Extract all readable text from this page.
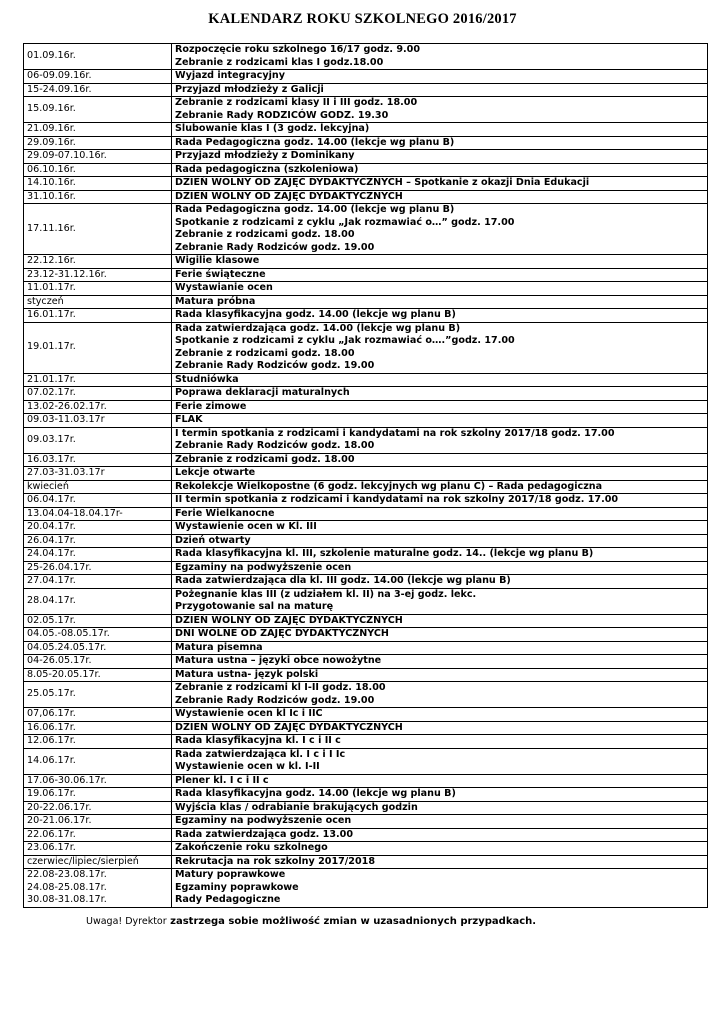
KALENDARZ ROKU SZKOLNEGO 2016/2017
01.09.16r.	Rozpoczęcie roku szkolnego 16/17 godz. 9.00
Zebranie z rodzicami klas I godz.18.00

06-09.09.16r.	Wyjazd integracyjny

15-24.09.16r.	Przyjazd młodzieży z Galicji

15.09.16r.	Zebranie z rodzicami klasy II i III godz. 18.00
Zebranie Rady RODZICÓW GODZ. 19.30

21.09.16r.	Ślubowanie klas I (3 godz. lekcyjna)

29.09.16r.	Rada Pedagogiczna godz. 14.00 (lekcje wg planu B)

29.09-07.10.16r.	Przyjazd młodzieży z Dominikany

06.10.16r.	Rada pedagogiczna (szkoleniowa)

14.10.16r.	DZIEŃ WOLNY OD ZAJĘĆ DYDAKTYCZNYCH – Spotkanie z okazji Dnia Edukacji

31.10.16r.	DZIEŃ WOLNY OD ZAJĘĆ DYDAKTYCZNYCH

17.11.16r.	Rada Pedagogiczna godz. 14.00 (lekcje wg planu B)
Spotkanie z rodzicami z cyklu „Jak rozmawiać o…” godz. 17.00
Zebranie z rodzicami godz. 18.00
Zebranie Rady Rodziców godz. 19.00

22.12.16r.	Wigilie klasowe

23.12-31.12.16r.	Ferie świąteczne

11.01.17r.	Wystawianie ocen

styczeń	Matura próbna

16.01.17r.	Rada klasyfikacyjna godz. 14.00 (lekcje wg planu B)

19.01.17r.	Rada zatwierdzająca godz. 14.00 (lekcje wg planu B)
Spotkanie z rodzicami z cyklu „Jak rozmawiać o….”godz. 17.00
Zebranie z rodzicami godz. 18.00
Zebranie Rady Rodziców godz. 19.00

21.01.17r.	Studniówka

07.02.17r.	Poprawa deklaracji maturalnych

13.02-26.02.17r.	Ferie zimowe

09.03-11.03.17r	FLAK

09.03.17r.	I termin spotkania z rodzicami i kandydatami na rok szkolny 2017/18 godz. 17.00
Zebranie Rady Rodziców godz. 18.00

16.03.17r.	Zebranie z rodzicami godz. 18.00

27.03-31.03.17r	Lekcje otwarte

kwiecień	Rekolekcje Wielkopostne (6 godz. lekcyjnych wg planu Ć) – Rada pedagogiczna

06.04.17r.	II termin spotkania z rodzicami i kandydatami na rok szkolny 2017/18 godz. 17.00

13.04.04-18.04.17r-	Ferie Wielkanocne

20.04.17r.	Wystawienie ocen w Kl. III

26.04.17r.	Dzień otwarty

24.04.17r.	Rada klasyfikacyjna kl. III, szkolenie maturalne godz. 14.. (lekcje wg planu B)

25-26.04.17r.	Egzaminy na podwyższenie ocen

27.04.17r.	Rada zatwierdzająca dla kl. III godz. 14.00 (lekcje wg planu B)

28.04.17r.	Pożegnanie klas III (z udziałem kl. II) na 3-ej godz. lekc.
Przygotowanie sal na maturę

02.05.17r.	DZIEŃ WOLNY OD ZAJĘĆ DYDAKTYCZNYCH

04.05.-08.05.17r.	DNI WOLNE OD ZAJĘĆ DYDAKTYCZNYCH

04.05.24.05.17r.	Matura pisemna

04-26.05.17r.	Matura ustna – języki obce nowożytne

8.05-20.05.17r.	Matura ustna- język polski

25.05.17r.	Zebranie z rodzicami kl I-II godz. 18.00
Zebranie Rady Rodziców godz. 19.00

07,06.17r.	Wystawienie ocen kl Ic i IIC

16.06.17r.	DZIEN WOLNY OD ZAJĘĆ DYDAKTYCZNYCH

12.06.17r.	Rada klasyfikacyjna kl. I c i II c

14.06.17r.	Rada zatwierdzająca kl. I c i I Ic
Wystawienie ocen w kl. I-II

17.06-30.06.17r.	Plener kl. I c i II c

19.06.17r.	Rada klasyfikacyjna godz. 14.00 (lekcje wg planu B)

20-22.06.17r.	Wyjścia klas / odrabianie brakujących godzin

20-21.06.17r.	Egzaminy na podwyższenie ocen

22.06.17r.	Rada zatwierdzająca godz. 13.00

23.06.17r.	Zakończenie roku szkolnego

czerwiec/lipiec/sierpień	Rekrutacja na rok szkolny 2017/2018

22.08-23.08.17r.
24.08-25.08.17r.
30.08-31.08.17r.	Matury poprawkowe
Egzaminy poprawkowe
Rady Pedagogiczne
Uwaga! Dyrektor zastrzega sobie możliwość zmian w uzasadnionych przypadkach.
